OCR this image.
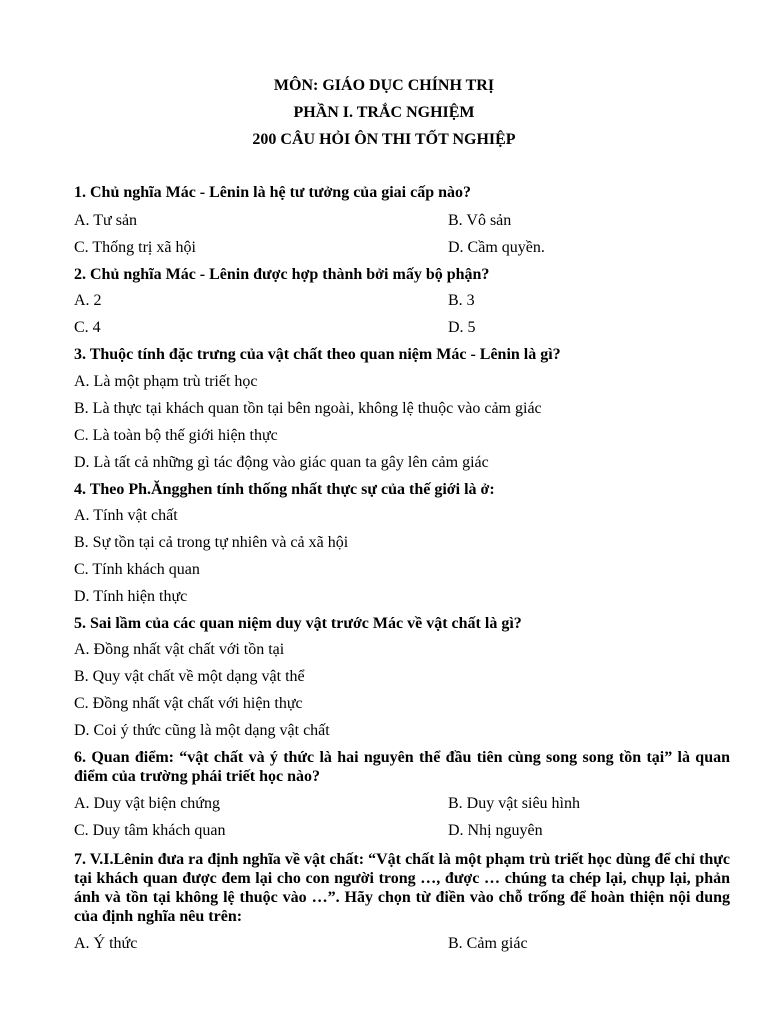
MÔN: GIÁO DỤC CHÍNH TRỊ
PHẦN I. TRẮC NGHIỆM
200 CÂU HỎI ÔN THI TỐT NGHIỆP
1. Chủ nghĩa Mác - Lênin là hệ tư tưởng của giai cấp nào?
A. Tư sản	B. Vô sản
C. Thống trị xã hội	D. Cầm quyền.
2. Chủ nghĩa Mác - Lênin được hợp thành bởi mấy bộ phận?
A. 2	B. 3
C. 4	D. 5
3. Thuộc tính đặc trưng của vật chất theo quan niệm Mác - Lênin là gì?
A. Là một phạm trù triết học
B. Là thực tại khách quan tồn tại bên ngoài, không lệ thuộc vào cảm giác
C. Là toàn bộ thế giới hiện thực
D. Là tất cả những gì tác động vào giác quan ta gây lên cảm giác
4. Theo Ph.Ăngghen tính thống nhất thực sự của thế giới là ở:
A. Tính vật chất
B. Sự tồn tại cả trong tự nhiên và cả xã hội
C. Tính khách quan
D. Tính hiện thực
5. Sai lầm của các quan niệm duy vật trước Mác về vật chất là gì?
A. Đồng nhất vật chất với tồn tại
B. Quy vật chất về một dạng vật thể
C. Đồng nhất vật chất với hiện thực
D. Coi ý thức cũng là một dạng vật chất
6. Quan điểm: “vật chất và ý thức là hai nguyên thể đầu tiên cùng song song tồn tại” là quan điểm của trường phái triết học nào?
A. Duy vật biện chứng	B. Duy vật siêu hình
C. Duy tâm khách quan	D. Nhị nguyên
7. V.I.Lênin đưa ra định nghĩa về vật chất: “Vật chất là một phạm trù triết học dùng để chỉ thực tại khách quan được đem lại cho con người trong …, được … chúng ta chép lại, chụp lại, phản ánh và tồn tại không lệ thuộc vào …”. Hãy chọn từ điền vào chỗ trống để hoàn thiện nội dung của định nghĩa nêu trên:
A. Ý thức	B. Cảm giác
